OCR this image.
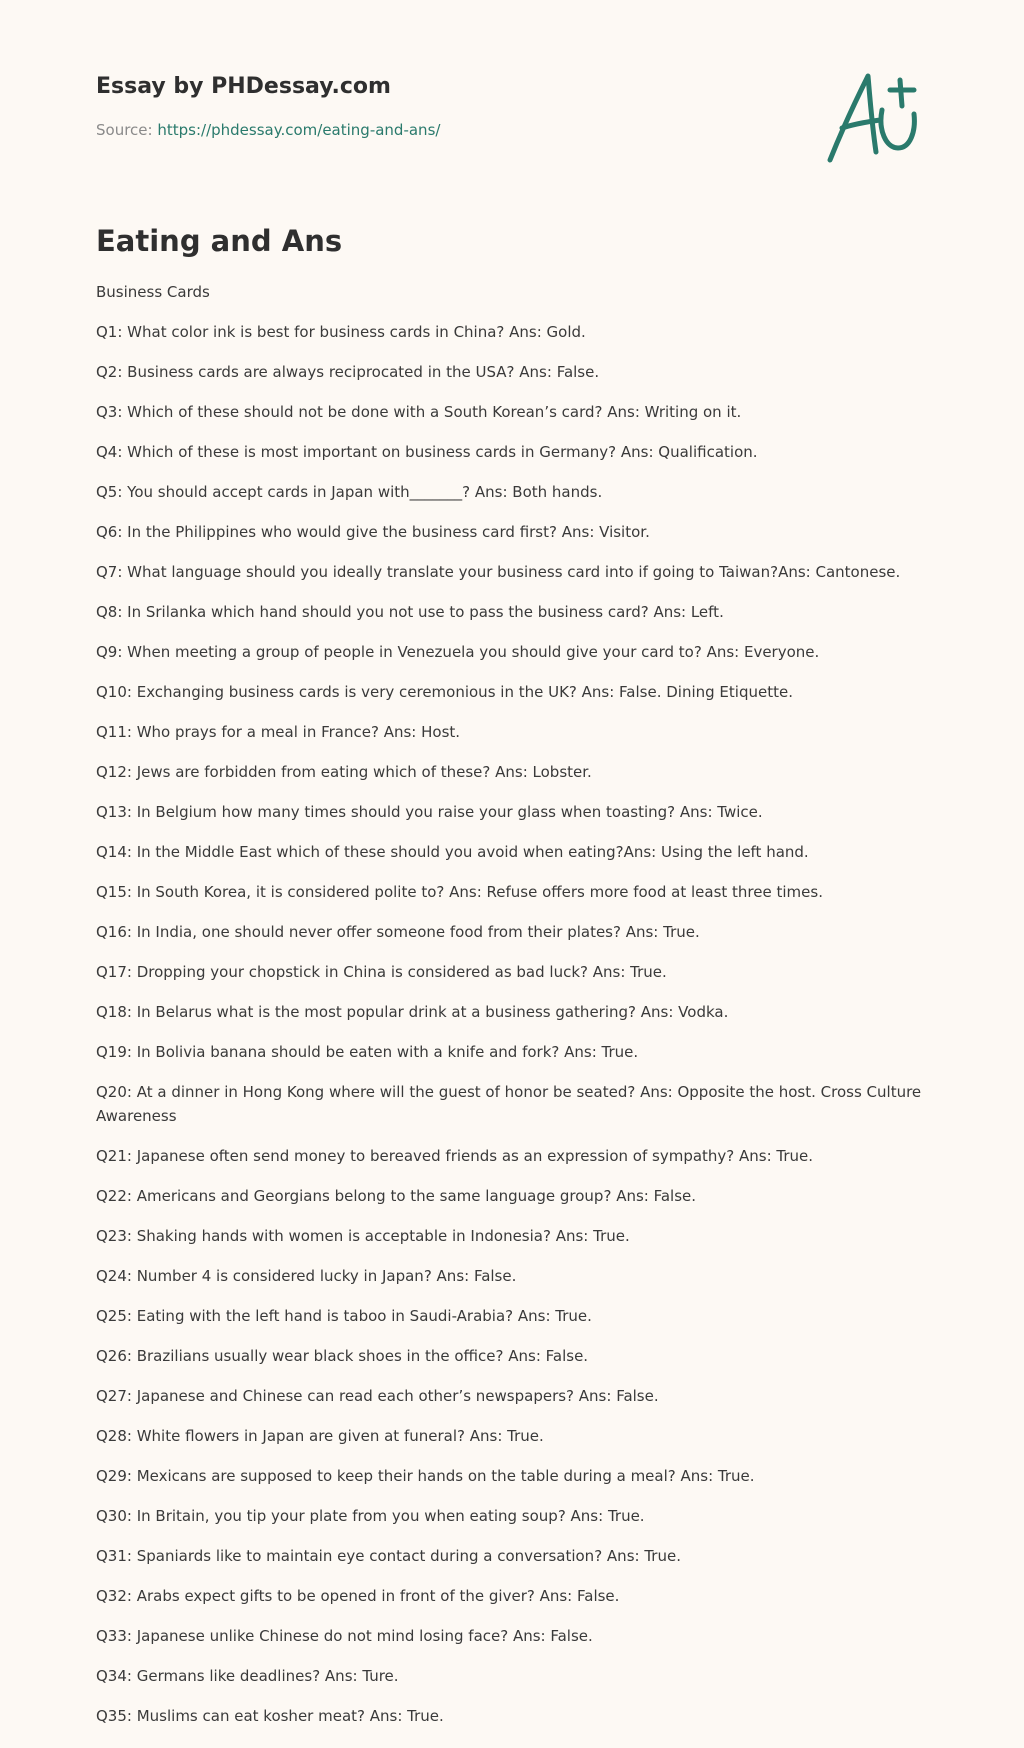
Essay by PHDessay.com
Source: https://phdessay.com/eating-and-ans/
Eating and Ans

Business Cards

Q1: What color ink is best for business cards in China? Ans: Gold.

Q2: Business cards are always reciprocated in the USA? Ans: False.

Q3: Which of these should not be done with a South Korean’s card? Ans: Writing on it.

Q4: Which of these is most important on business cards in Germany? Ans: Qualification.

Q5: You should accept cards in Japan with_______? Ans: Both hands.

Q6: In the Philippines who would give the business card first? Ans: Visitor.

Q7: What language should you ideally translate your business card into if going to Taiwan?Ans: Cantonese.

Q8: In Srilanka which hand should you not use to pass the business card? Ans: Left.

Q9: When meeting a group of people in Venezuela you should give your card to? Ans: Everyone.

Q10: Exchanging business cards is very ceremonious in the UK? Ans: False. Dining Etiquette.

Q11: Who prays for a meal in France? Ans: Host.

Q12: Jews are forbidden from eating which of these? Ans: Lobster.

Q13: In Belgium how many times should you raise your glass when toasting? Ans: Twice.

Q14: In the Middle East which of these should you avoid when eating?Ans: Using the left hand.

Q15: In South Korea, it is considered polite to? Ans: Refuse offers more food at least three times.

Q16: In India, one should never offer someone food from their plates? Ans: True.

Q17: Dropping your chopstick in China is considered as bad luck? Ans: True.

Q18: In Belarus what is the most popular drink at a business gathering? Ans: Vodka.

Q19: In Bolivia banana should be eaten with a knife and fork? Ans: True.

Q20: At a dinner in Hong Kong where will the guest of honor be seated? Ans: Opposite the host. Cross Culture Awareness

Q21: Japanese often send money to bereaved friends as an expression of sympathy? Ans: True.

Q22: Americans and Georgians belong to the same language group? Ans: False.

Q23: Shaking hands with women is acceptable in Indonesia? Ans: True.

Q24: Number 4 is considered lucky in Japan? Ans: False.

Q25: Eating with the left hand is taboo in Saudi-Arabia? Ans: True.

Q26: Brazilians usually wear black shoes in the office? Ans: False.

Q27: Japanese and Chinese can read each other’s newspapers? Ans: False.

Q28: White flowers in Japan are given at funeral? Ans: True.

Q29: Mexicans are supposed to keep their hands on the table during a meal? Ans: True.

Q30: In Britain, you tip your plate from you when eating soup? Ans: True.

Q31: Spaniards like to maintain eye contact during a conversation? Ans: True.

Q32: Arabs expect gifts to be opened in front of the giver? Ans: False.

Q33: Japanese unlike Chinese do not mind losing face? Ans: False.

Q34: Germans like deadlines? Ans: Ture.

Q35: Muslims can eat kosher meat? Ans: True.
